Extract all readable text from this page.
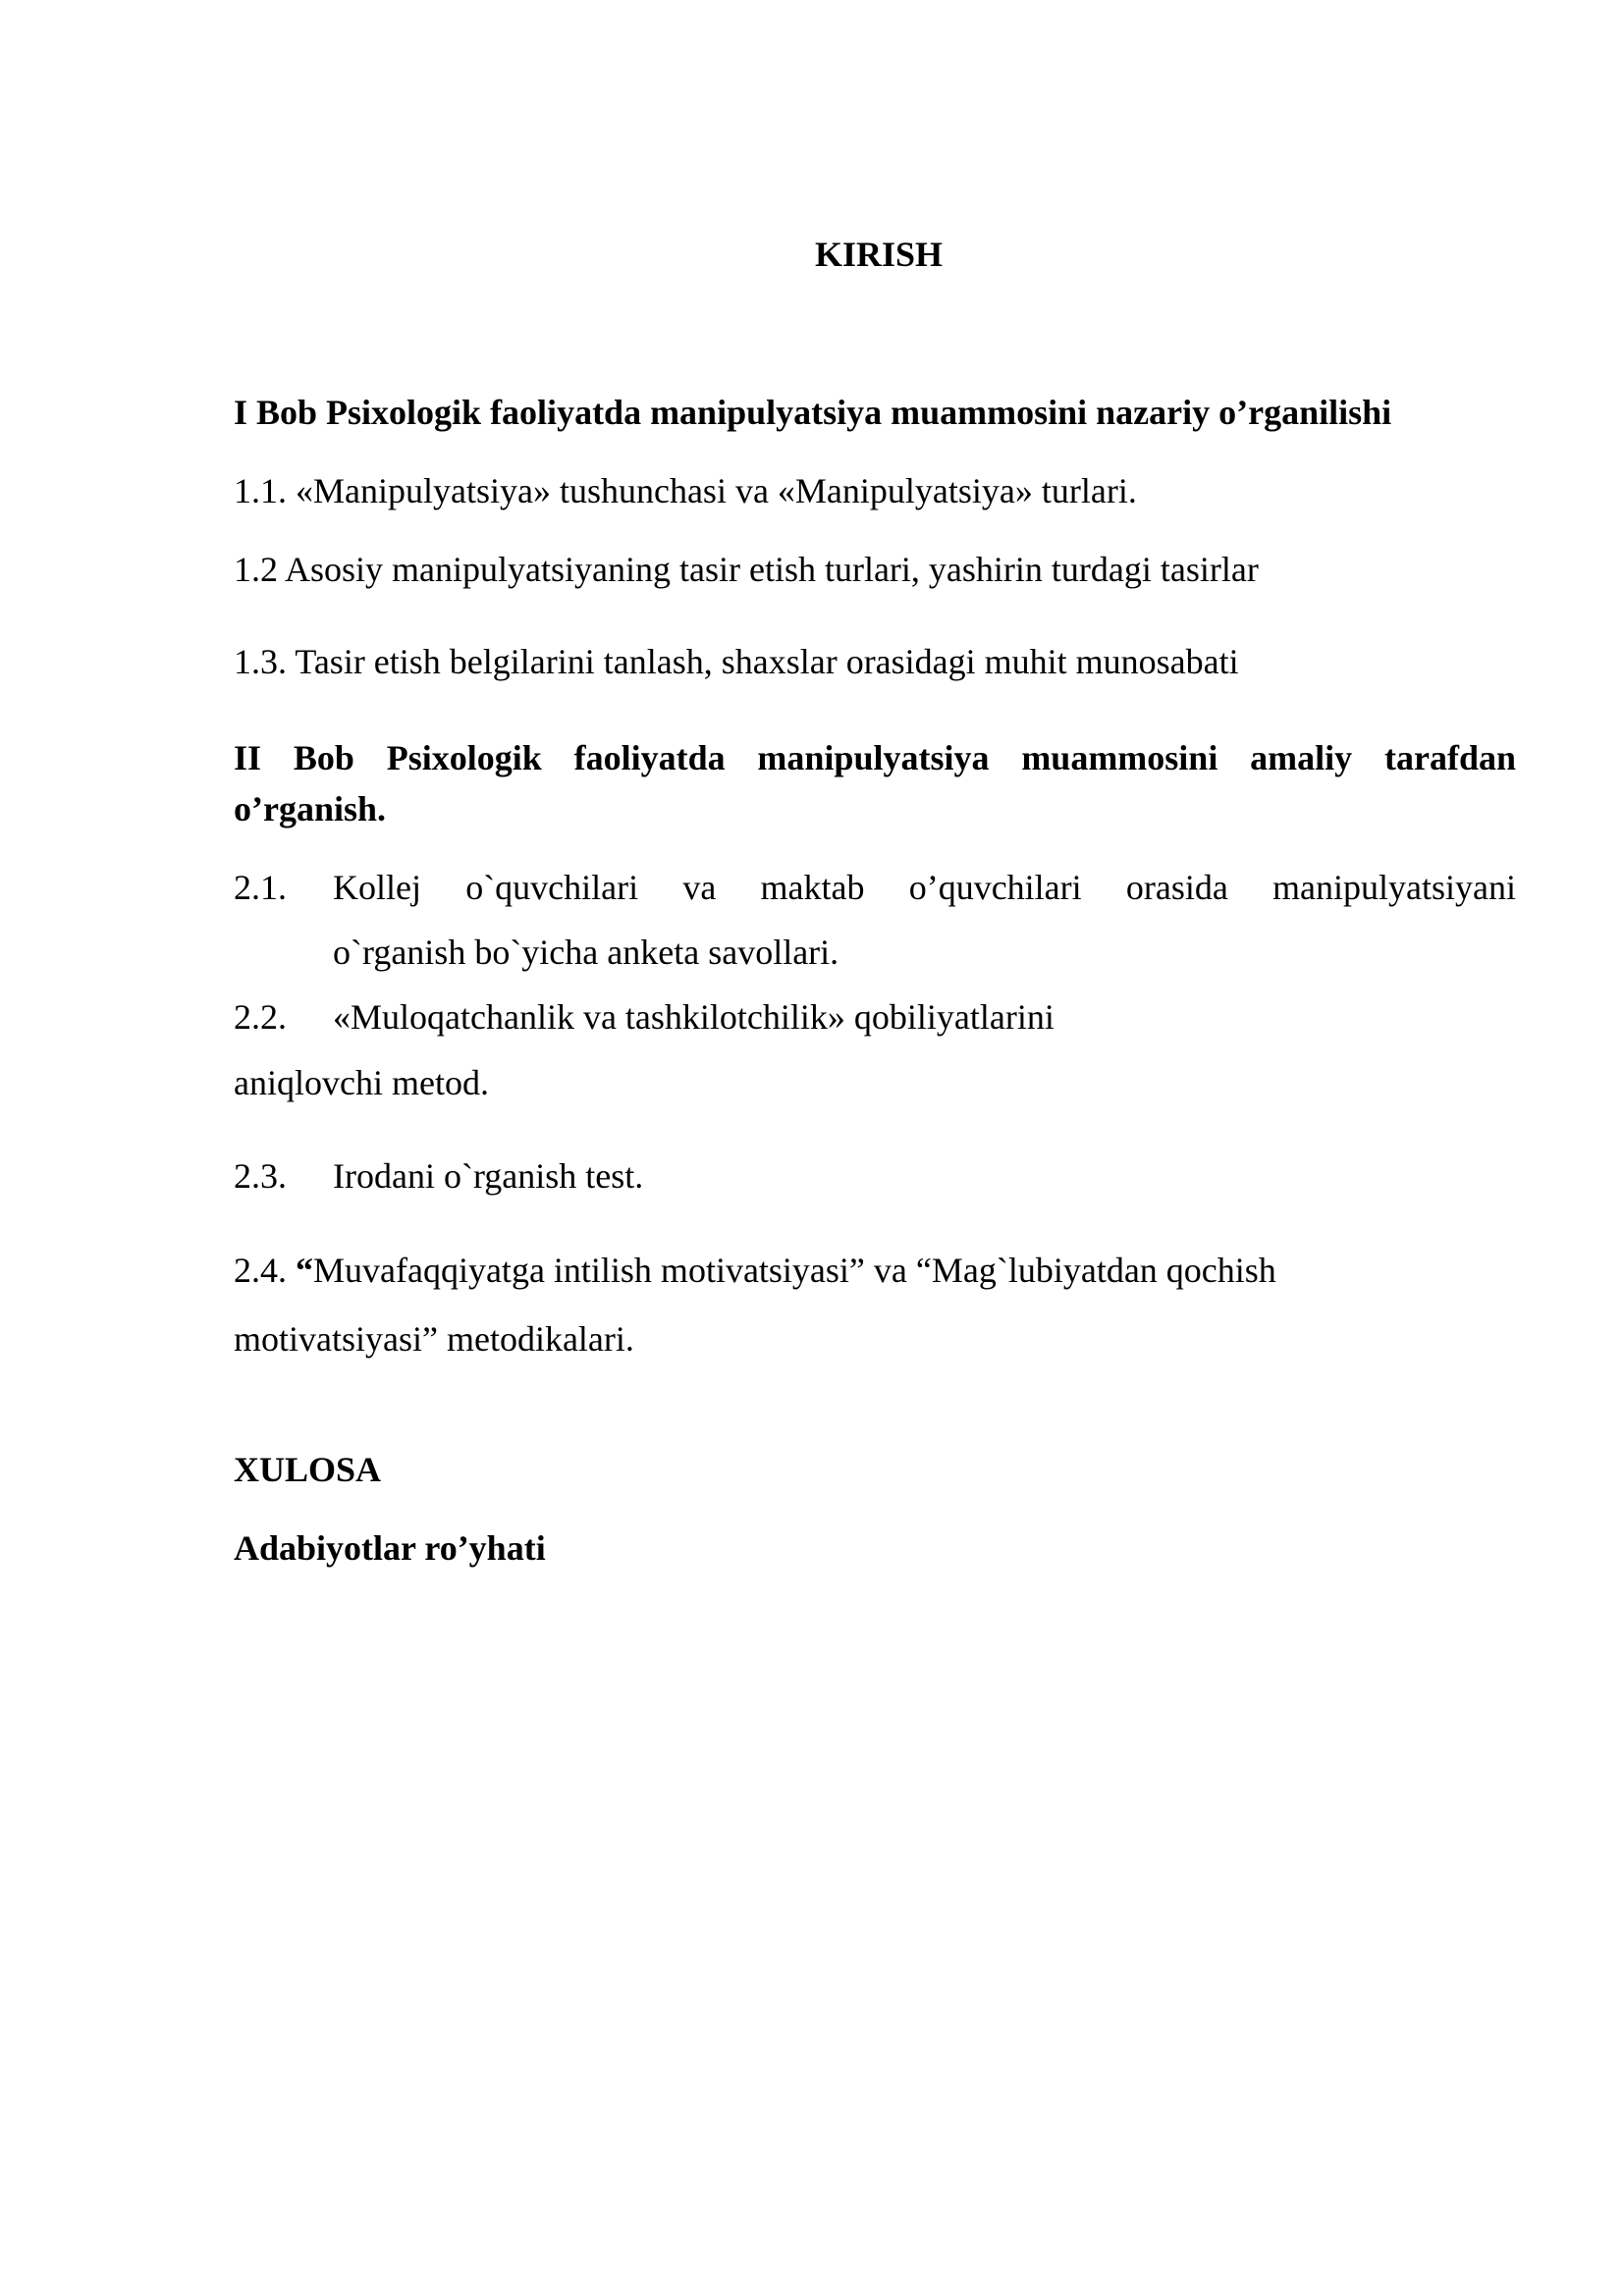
KIRISH
I Bob Psixologik faoliyatda manipulyatsiya muammosini nazariy o’rganilishi
1.1. «Manipulyatsiya» tushunchasi va «Manipulyatsiya» turlari.
1.2 Asosiy manipulyatsiyaning tasir etish turlari, yashirin turdagi tasirlar
1.3. Tasir etish belgilarini tanlash, shaxslar orasidagi muhit munosabati
II Bob Psixologik faoliyatda manipulyatsiya muammosini amaliy tarafdan
o’rganish.
2.1. Kollej o`quvchilari va maktab o’quvchilari orasida manipulyatsiyani
o`rganish bo`yicha anketa savollari.
2.2. «Muloqatchanlik va tashkilotchilik» qobiliyatlarini
aniqlovchi metod.
2.3. Irodani o`rganish test.
2.4. “Muvafaqqiyatga intilish motivatsiyasi” va “Mag`lubiyatdan qochish
motivatsiyasi” metodikalari.
XULOSA
Adabiyotlar ro’yhati
